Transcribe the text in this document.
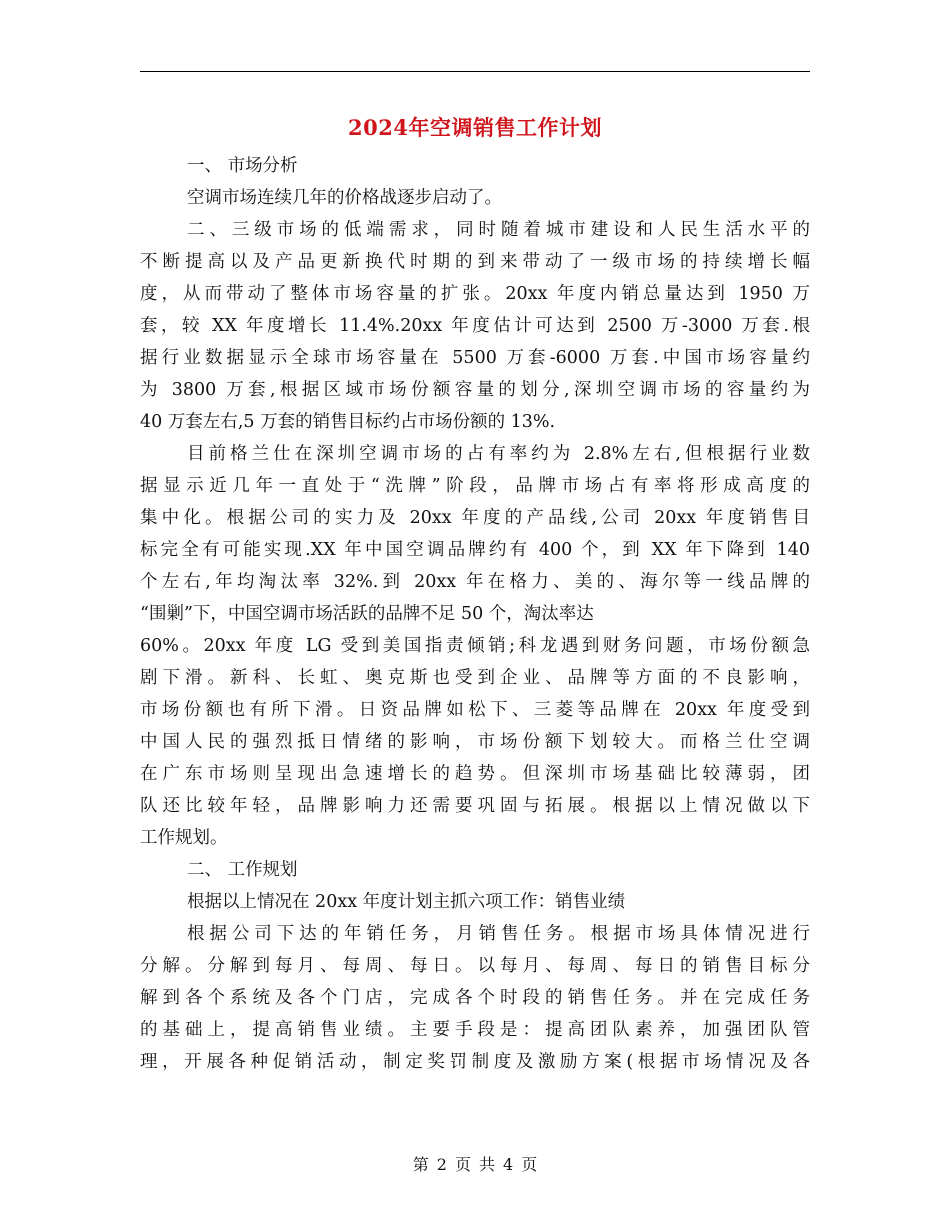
2024年空调销售工作计划
一、 市场分析
空调市场连续几年的价格战逐步启动了。
二、三级市场的低端需求，同时随着城市建设和人民生活水平的
不断提高以及产品更新换代时期的到来带动了一级市场的持续增长幅
度，从而带动了整体市场容量的扩张。20xx 年度内销总量达到 1950 万
套，较 XX 年度增长 11.4%.20xx 年度估计可达到 2500 万-3000 万套.根
据行业数据显示全球市场容量在 5500 万套-6000 万套.中国市场容量约
为 3800 万套,根据区域市场份额容量的划分,深圳空调市场的容量约为
40 万套左右,5 万套的销售目标约占市场份额的 13%.
目前格兰仕在深圳空调市场的占有率约为 2.8%左右,但根据行业数
据显示近几年一直处于“洗牌”阶段，品牌市场占有率将形成高度的
集中化。根据公司的实力及 20xx 年度的产品线,公司 20xx 年度销售目
标完全有可能实现.XX 年中国空调品牌约有 400 个，到 XX 年下降到 140
个左右,年均淘汰率 32%.到 20xx 年在格力、美的、海尔等一线品牌的
“围剿”下，中国空调市场活跃的品牌不足 50 个，淘汰率达
60%。20xx 年度 LG 受到美国指责倾销;科龙遇到财务问题，市场份额急
剧下滑。新科、长虹、奥克斯也受到企业、品牌等方面的不良影响，
市场份额也有所下滑。日资品牌如松下、三菱等品牌在 20xx 年度受到
中国人民的强烈抵日情绪的影响，市场份额下划较大。而格兰仕空调
在广东市场则呈现出急速增长的趋势。但深圳市场基础比较薄弱，团
队还比较年轻，品牌影响力还需要巩固与拓展。根据以上情况做以下
工作规划。
二、 工作规划
根据以上情况在 20xx 年度计划主抓六项工作：销售业绩
根据公司下达的年销任务，月销售任务。根据市场具体情况进行
分解。分解到每月、每周、每日。以每月、每周、每日的销售目标分
解到各个系统及各个门店，完成各个时段的销售任务。并在完成任务
的基础上，提高销售业绩。主要手段是：提高团队素养，加强团队管
理，开展各种促销活动，制定奖罚制度及激励方案(根据市场情况及各
第 2 页 共 4 页
